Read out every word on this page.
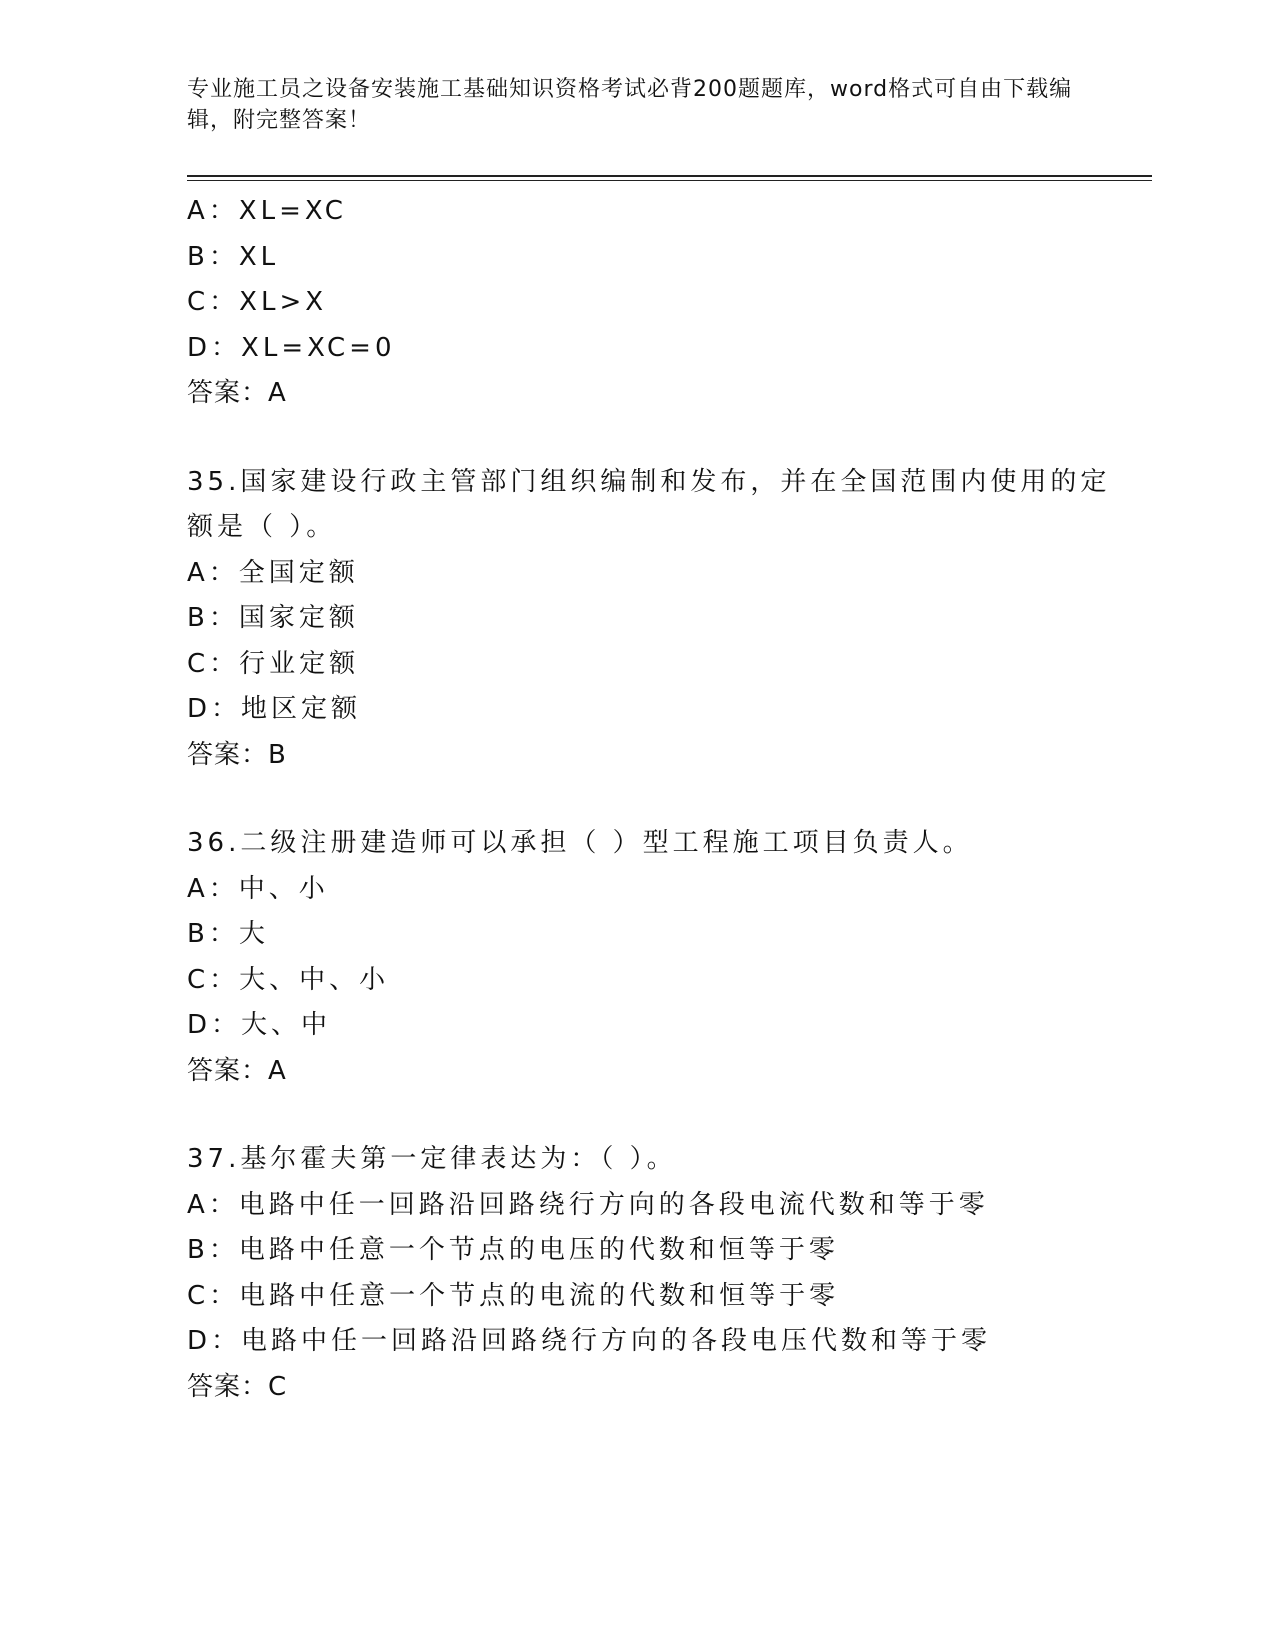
专业施工员之设备安装施工基础知识资格考试必背200题题库，word格式可自由下载编辑，附完整答案！
A：XL=XC
B：XL
C：XL>X
D：XL=XC=0
答案：A
35.国家建设行政主管部门组织编制和发布，并在全国范围内使用的定额是（ ）。
A：全国定额
B：国家定额
C：行业定额
D：地区定额
答案：B
36.二级注册建造师可以承担（ ）型工程施工项目负责人。
A：中、小
B：大
C：大、中、小
D：大、中
答案：A
37.基尔霍夫第一定律表达为：（ ）。
A：电路中任一回路沿回路绕行方向的各段电流代数和等于零
B：电路中任意一个节点的电压的代数和恒等于零
C：电路中任意一个节点的电流的代数和恒等于零
D：电路中任一回路沿回路绕行方向的各段电压代数和等于零
答案：C
